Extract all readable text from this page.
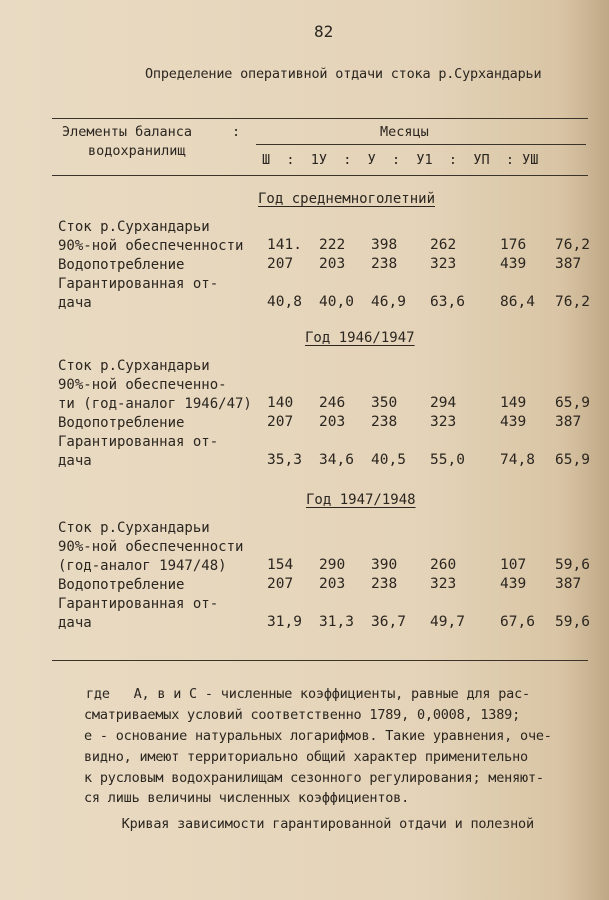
82
Определение оперативной отдачи стока р.Сурхандарьи
Элементы баланса
водохранилищ
:	Месяцы
Ш  :  1У  :  У  :  У1  :  УП  : УШ
Год среднемноголетний
Сток р.Сурхандарьи
90%-ной обеспеченности 141. 222 398 262	176 76,2
Водопотребление	207 203 238 323	439 387
Гарантированная от-
дача	40,8 40,0 46,9 63,6 86,4 76,2
Год 1946/1947
Сток р.Сурхандарьи
90%-ной обеспеченно-
ти (год-аналог 1946/47) 140 246 350 294	149 65,9
Водопотребление	207 203 238 323	439 387
Гарантированная от-
дача	35,3 34,6 40,5 55,0 74,8 65,9
Год 1947/1948
Сток р.Сурхандарьи
90%-ной обеспеченности
(год-аналог 1947/48)	154 290 390 260	107 59,6
Водопотребление	207 203 238 323	439 387
Гарантированная от-
дача	31,9 31,3 36,7 49,7 67,6 59,6
где   А, в и С - численные коэффициенты, равные для рас-
сматриваемых условий соответственно 1789, 0,0008, 1389;
е - основание натуральных логарифмов. Такие уравнения, оче-
видно, имеют территориально общий характер применительно
к русловым водохранилищам сезонного регулирования; меняют-
ся лишь величины численных коэффициентов.
Кривая зависимости гарантированной отдачи и полезной
